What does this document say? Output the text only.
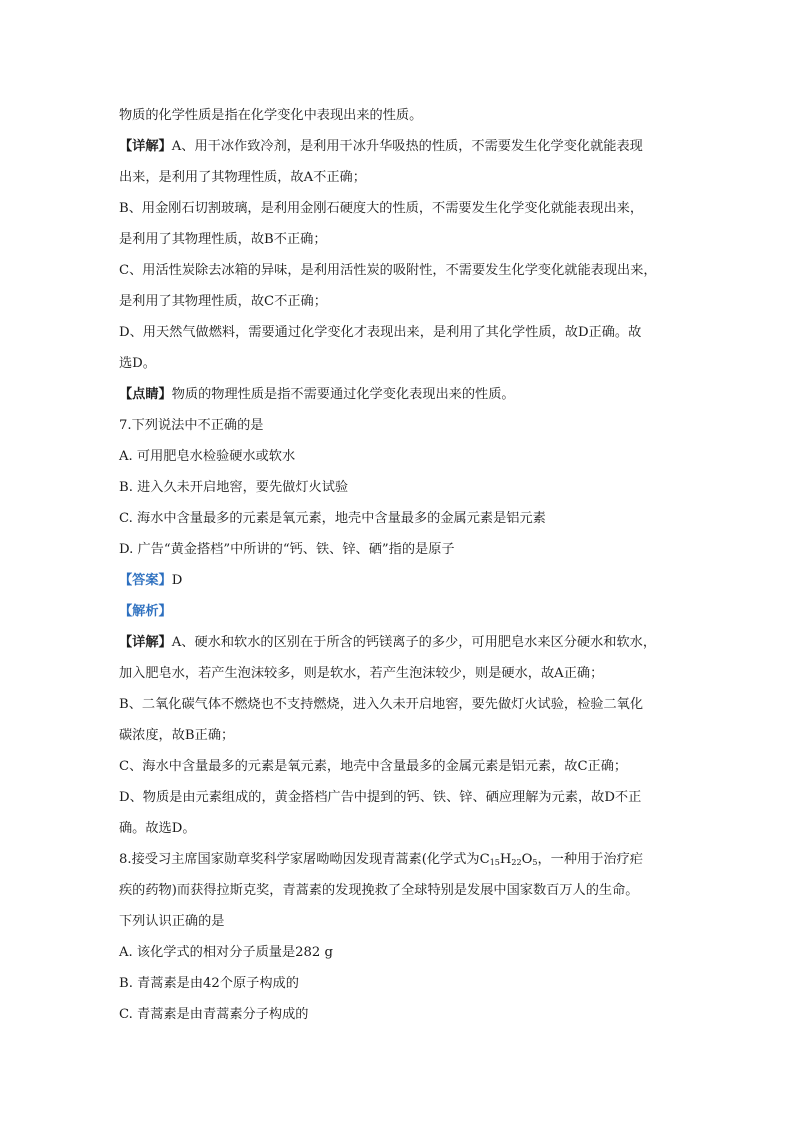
物质的化学性质是指在化学变化中表现出来的性质。
【详解】A、用干冰作致冷剂，是利用干冰升华吸热的性质，不需要发生化学变化就能表现
出来，是利用了其物理性质，故A不正确；
B、用金刚石切割玻璃，是利用金刚石硬度大的性质，不需要发生化学变化就能表现出来，
是利用了其物理性质，故B不正确；
C、用活性炭除去冰箱的异味，是利用活性炭的吸附性，不需要发生化学变化就能表现出来，
是利用了其物理性质，故C不正确；
D、用天然气做燃料，需要通过化学变化才表现出来，是利用了其化学性质，故D正确。故
选D。
【点睛】物质的物理性质是指不需要通过化学变化表现出来的性质。
7.下列说法中不正确的是
A. 可用肥皂水检验硬水或软水
B. 进入久未开启地窖，要先做灯火试验
C. 海水中含量最多的元素是氧元素，地壳中含量最多的金属元素是铝元素
D. 广告“黄金搭档”中所讲的“钙、铁、锌、硒”指的是原子
【答案】D
【解析】
【详解】A、硬水和软水的区别在于所含的钙镁离子的多少，可用肥皂水来区分硬水和软水，
加入肥皂水，若产生泡沫较多，则是软水，若产生泡沫较少，则是硬水，故A正确；
B、二氧化碳气体不燃烧也不支持燃烧，进入久未开启地窖，要先做灯火试验，检验二氧化
碳浓度，故B正确；
C、海水中含量最多的元素是氧元素，地壳中含量最多的金属元素是铝元素，故C正确；
D、物质是由元素组成的，黄金搭档广告中提到的钙、铁、锌、硒应理解为元素，故D不正
确。故选D。
8.接受习主席国家勋章奖科学家屠呦呦因发现青蒿素(化学式为$C_{15}H_{22}O_5$，一种用于治疗疟
疾的药物)而获得拉斯克奖，青蒿素的发现挽救了全球特别是发展中国家数百万人的生命。
下列认识正确的是
A. 该化学式的相对分子质量是282 g
B. 青蒿素是由42个原子构成的
C. 青蒿素是由青蒿素分子构成的
